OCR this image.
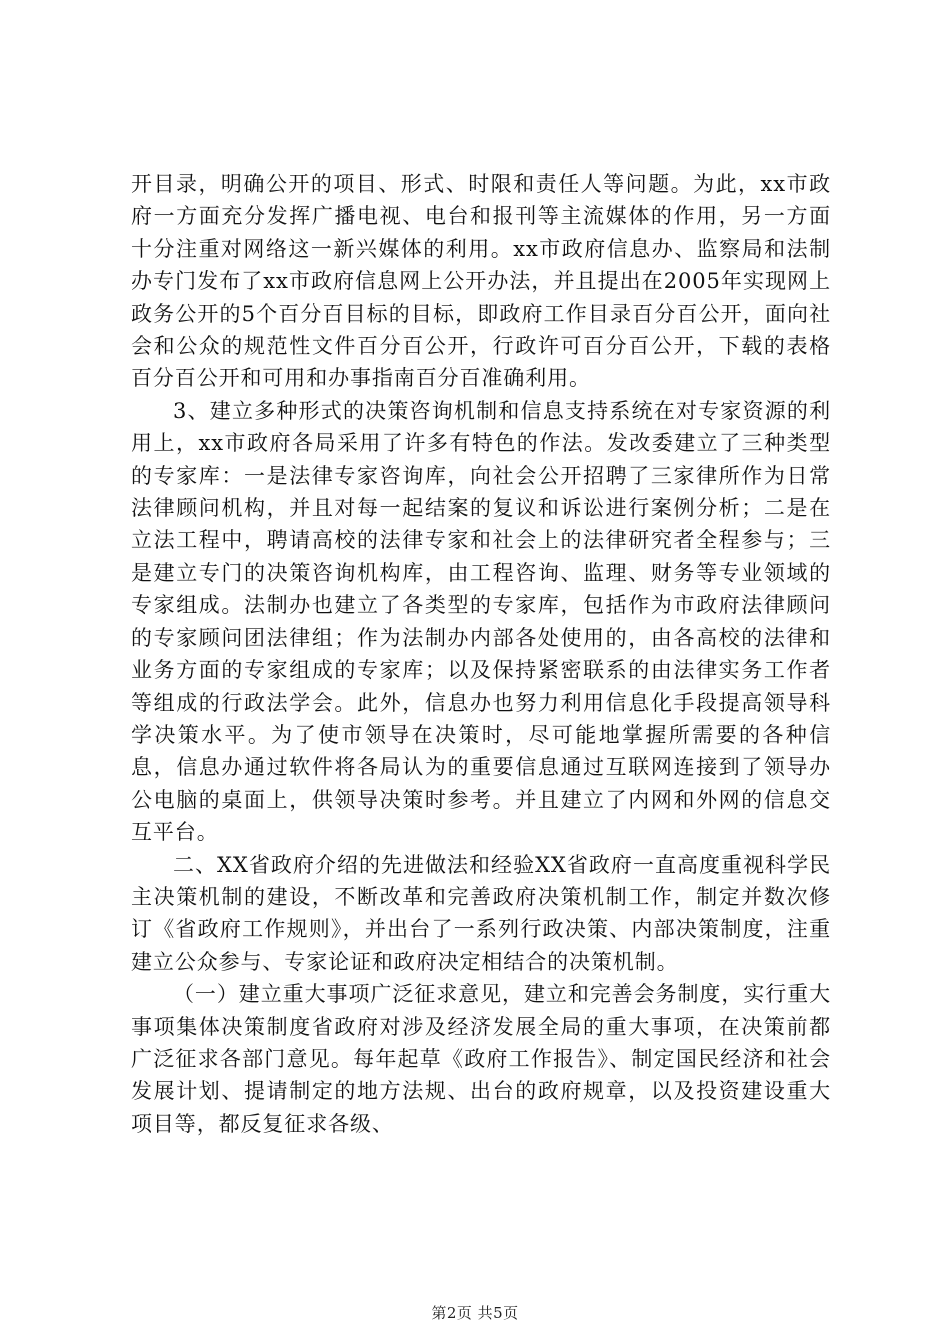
开目录，明确公开的项目、形式、时限和责任人等问题。为此，xx市政府一方面充分发挥广播电视、电台和报刊等主流媒体的作用，另一方面十分注重对网络这一新兴媒体的利用。xx市政府信息办、监察局和法制办专门发布了xx市政府信息网上公开办法，并且提出在2005年实现网上政务公开的5个百分百目标的目标，即政府工作目录百分百公开，面向社会和公众的规范性文件百分百公开，行政许可百分百公开，下载的表格百分百公开和可用和办事指南百分百准确利用。

3、建立多种形式的决策咨询机制和信息支持系统在对专家资源的利用上，xx市政府各局采用了许多有特色的作法。发改委建立了三种类型的专家库：一是法律专家咨询库，向社会公开招聘了三家律所作为日常法律顾问机构，并且对每一起结案的复议和诉讼进行案例分析；二是在立法工程中，聘请高校的法律专家和社会上的法律研究者全程参与；三是建立专门的决策咨询机构库，由工程咨询、监理、财务等专业领域的专家组成。法制办也建立了各类型的专家库，包括作为市政府法律顾问的专家顾问团法律组；作为法制办内部各处使用的，由各高校的法律和业务方面的专家组成的专家库；以及保持紧密联系的由法律实务工作者等组成的行政法学会。此外，信息办也努力利用信息化手段提高领导科学决策水平。为了使市领导在决策时，尽可能地掌握所需要的各种信息，信息办通过软件将各局认为的重要信息通过互联网连接到了领导办公电脑的桌面上，供领导决策时参考。并且建立了内网和外网的信息交互平台。

二、XX省政府介绍的先进做法和经验XX省政府一直高度重视科学民主决策机制的建设，不断改革和完善政府决策机制工作，制定并数次修订《省政府工作规则》，并出台了一系列行政决策、内部决策制度，注重建立公众参与、专家论证和政府决定相结合的决策机制。

（一）建立重大事项广泛征求意见，建立和完善会务制度，实行重大事项集体决策制度省政府对涉及经济发展全局的重大事项，在决策前都广泛征求各部门意见。每年起草《政府工作报告》、制定国民经济和社会发展计划、提请制定的地方法规、出台的政府规章，以及投资建设重大项目等，都反复征求各级、

第2页 共5页
